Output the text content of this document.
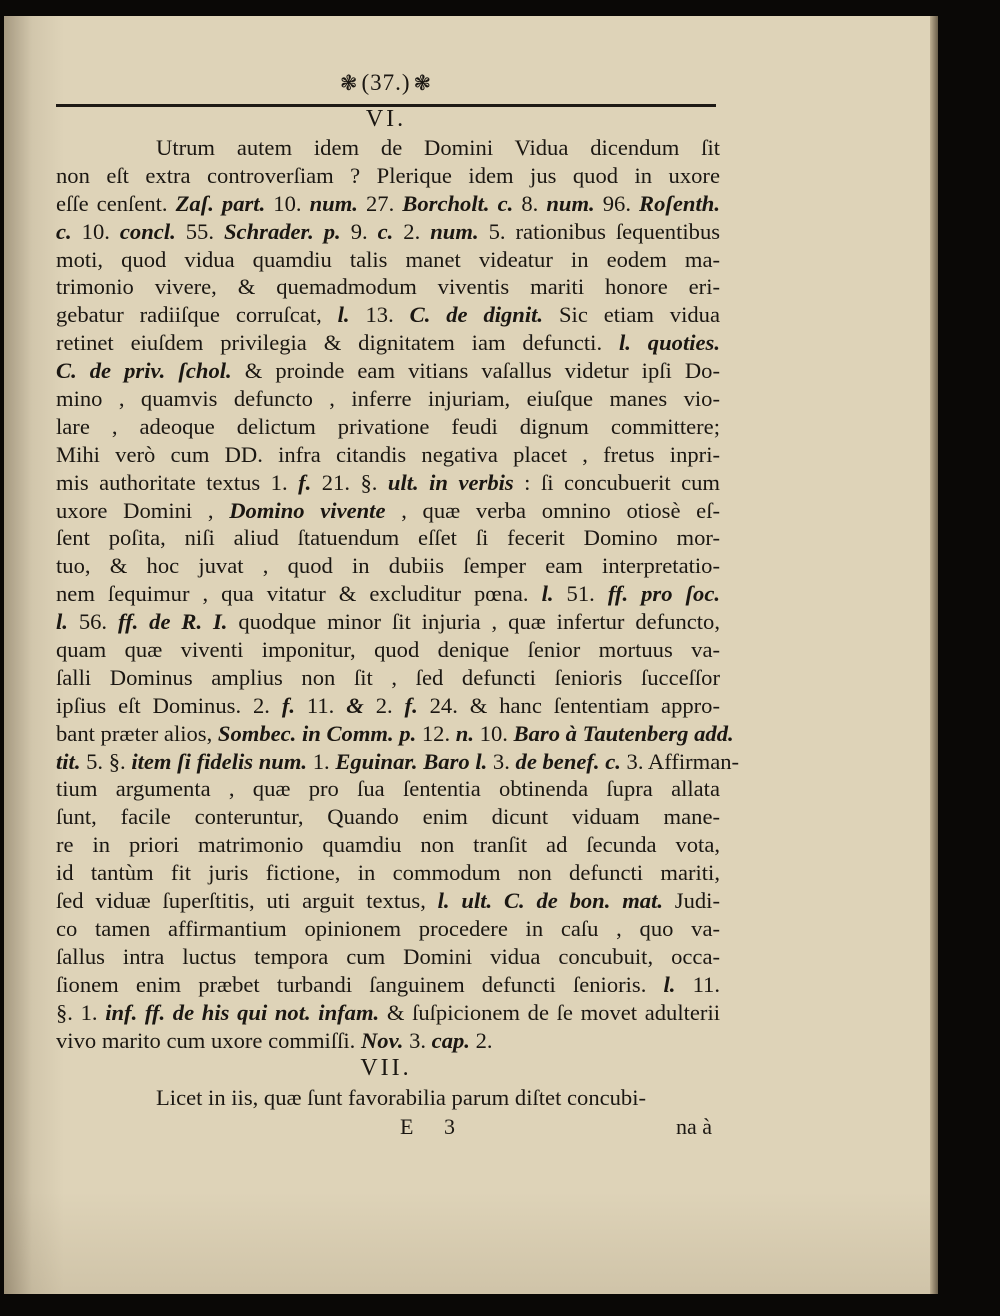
❃ (37.) ❃
VI.
Utrum autem idem de Domini Vidua dicendum ſit
non eſt extra controverſiam ? Plerique idem jus quod in uxore
eſſe cenſent. Zaſ. part. 10. num. 27. Borcholt. c. 8. num. 96. Roſenth.
c. 10. concl. 55. Schrader. p. 9. c. 2. num. 5. rationibus ſequentibus
moti, quod vidua quamdiu talis manet videatur in eodem ma-
trimonio vivere, & quemadmodum viventis mariti honore eri-
gebatur radiiſque corruſcat, l. 13. C. de dignit. Sic etiam vidua
retinet eiuſdem privilegia & dignitatem iam defuncti. l. quoties.
C. de priv. ſchol. & proinde eam vitians vaſallus videtur ipſi Do-
mino , quamvis defuncto , inferre injuriam, eiuſque manes vio-
lare , adeoque delictum privatione feudi dignum committere;
Mihi verò cum DD. infra citandis negativa placet , fretus inpri-
mis authoritate textus 1. f. 21. §. ult. in verbis : ſi concubuerit cum
uxore Domini , Domino vivente , quæ verba omnino otiosè eſ-
ſent poſita, niſi aliud ſtatuendum eſſet ſi fecerit Domino mor-
tuo, & hoc juvat , quod in dubiis ſemper eam interpretatio-
nem ſequimur , qua vitatur & excluditur pœna. l. 51. ff. pro ſoc.
l. 56. ff. de R. I. quodque minor ſit injuria , quæ infertur defuncto,
quam quæ viventi imponitur, quod denique ſenior mortuus va-
ſalli Dominus amplius non ſit , ſed defuncti ſenioris ſucceſſor
ipſius eſt Dominus. 2. f. 11. & 2. f. 24. & hanc ſententiam appro-
bant præter alios, Sombec. in Comm. p. 12. n. 10. Baro à Tautenberg add.
tit. 5. §. item ſi fidelis num. 1. Eguinar. Baro l. 3. de benef. c. 3. Affirman-
tium argumenta , quæ pro ſua ſententia obtinenda ſupra allata
ſunt, facile conteruntur, Quando enim dicunt viduam mane-
re in priori matrimonio quamdiu non tranſit ad ſecunda vota,
id tantùm fit juris fictione, in commodum non defuncti mariti,
ſed viduæ ſuperſtitis, uti arguit textus, l. ult. C. de bon. mat. Judi-
co tamen affirmantium opinionem procedere in caſu , quo va-
ſallus intra luctus tempora cum Domini vidua concubuit, occa-
ſionem enim præbet turbandi ſanguinem defuncti ſenioris. l. 11.
§. 1. inf. ff. de his qui not. infam. & ſuſpicionem de ſe movet adulterii
vivo marito cum uxore commiſſi. Nov. 3. cap. 2.
VII.
Licet in iis, quæ ſunt favorabilia parum diſtet concubi-
E 3	na à
